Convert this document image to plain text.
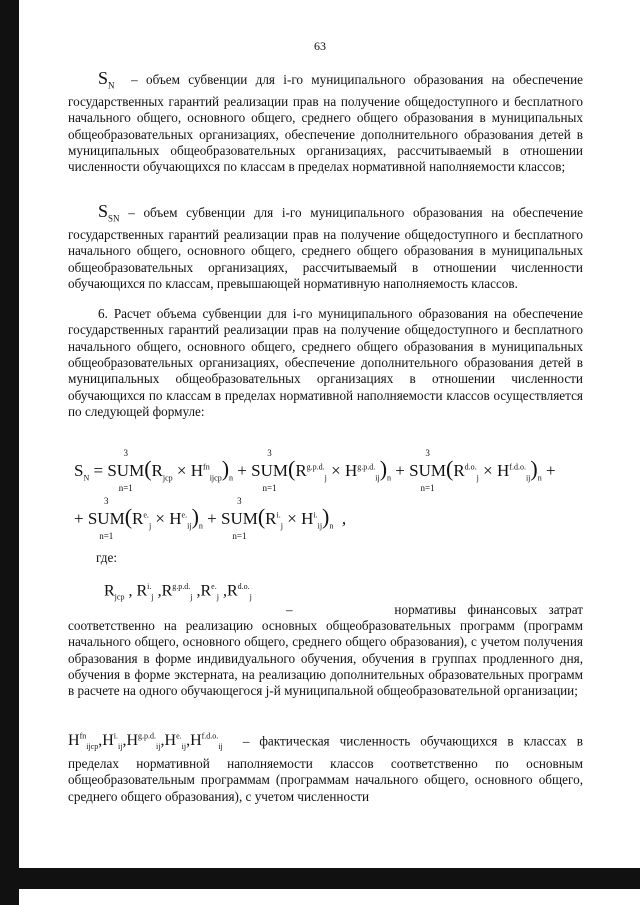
63

$S_N$ – объем субвенции для i-го муниципального образования на обеспечение государственных гарантий реализации прав на получение общедоступного и бесплатного начального общего, основного общего, среднего общего образования в муниципальных общеобразовательных организациях, обеспечение дополнительного образования детей в муниципальных общеобразовательных организациях, рассчитываемый в отношении численности обучающихся по классам в пределах нормативной наполняемости классов;

$S_{SN}$ – объем субвенции для i-го муниципального образования на обеспечение государственных гарантий реализации прав на получение общедоступного и бесплатного начального общего, основного общего, среднего общего образования в муниципальных общеобразовательных организациях, рассчитываемый в отношении численности обучающихся по классам, превышающей нормативную наполняемость классов.

6. Расчет объема субвенции для i-го муниципального образования на обеспечение государственных гарантий реализации прав на получение общедоступного и бесплатного начального общего, основного общего, среднего общего образования в муниципальных общеобразовательных организациях, обеспечение дополнительного образования детей в муниципальных общеобразовательных организациях в отношении численности обучающихся по классам в пределах нормативной наполняемости классов осуществляется по следующей формуле:

$S_N$ = SUM
3
n=1
$(R_{jcp} \times H^{fn}_{ijcp})_n$ + SUM
3
n=1
$(R^{g.p.d.}_j \times H^{g.p.d.}_{ij})_n$ + SUM
3
n=1
$(R^{d.o.}_j \times H^{f.d.o.}_{ij})_n$ +
+ SUM
3
n=1
$(R^{e.}_j \times H^{e.}_{ij})_n$ + SUM
3
n=1
$(R^{i.}_j \times H^{i.}_{ij})_n$  ,
где:
$R_{jcp}$ , $R^{i.}_j$ $,R^{g.p.d.}_j$ $,R^{e.}_j$ $,R^{d.o.}_j$

–	нормативы финансовых затрат

соответственно на реализацию основных общеобразовательных программ (программ начального общего, основного общего, среднего общего образования), с учетом получения образования в форме индивидуального обучения, обучения в группах продленного дня, обучения в форме экстерната, на реализацию дополнительных образовательных программ в расчете на одного обучающегося j-й муниципальной общеобразовательной организации;

$H^{fn}_{ijcp},H^{i.}_{ij},H^{g.p.d.}_{ij},H^{e.}_{ij},H^{f.d.o.}_{ij}$ – фактическая численность обучающихся в классах в пределах нормативной наполняемости классов соответственно по основным общеобразовательным программам (программам начального общего, основного общего, среднего общего образования), с учетом численности
